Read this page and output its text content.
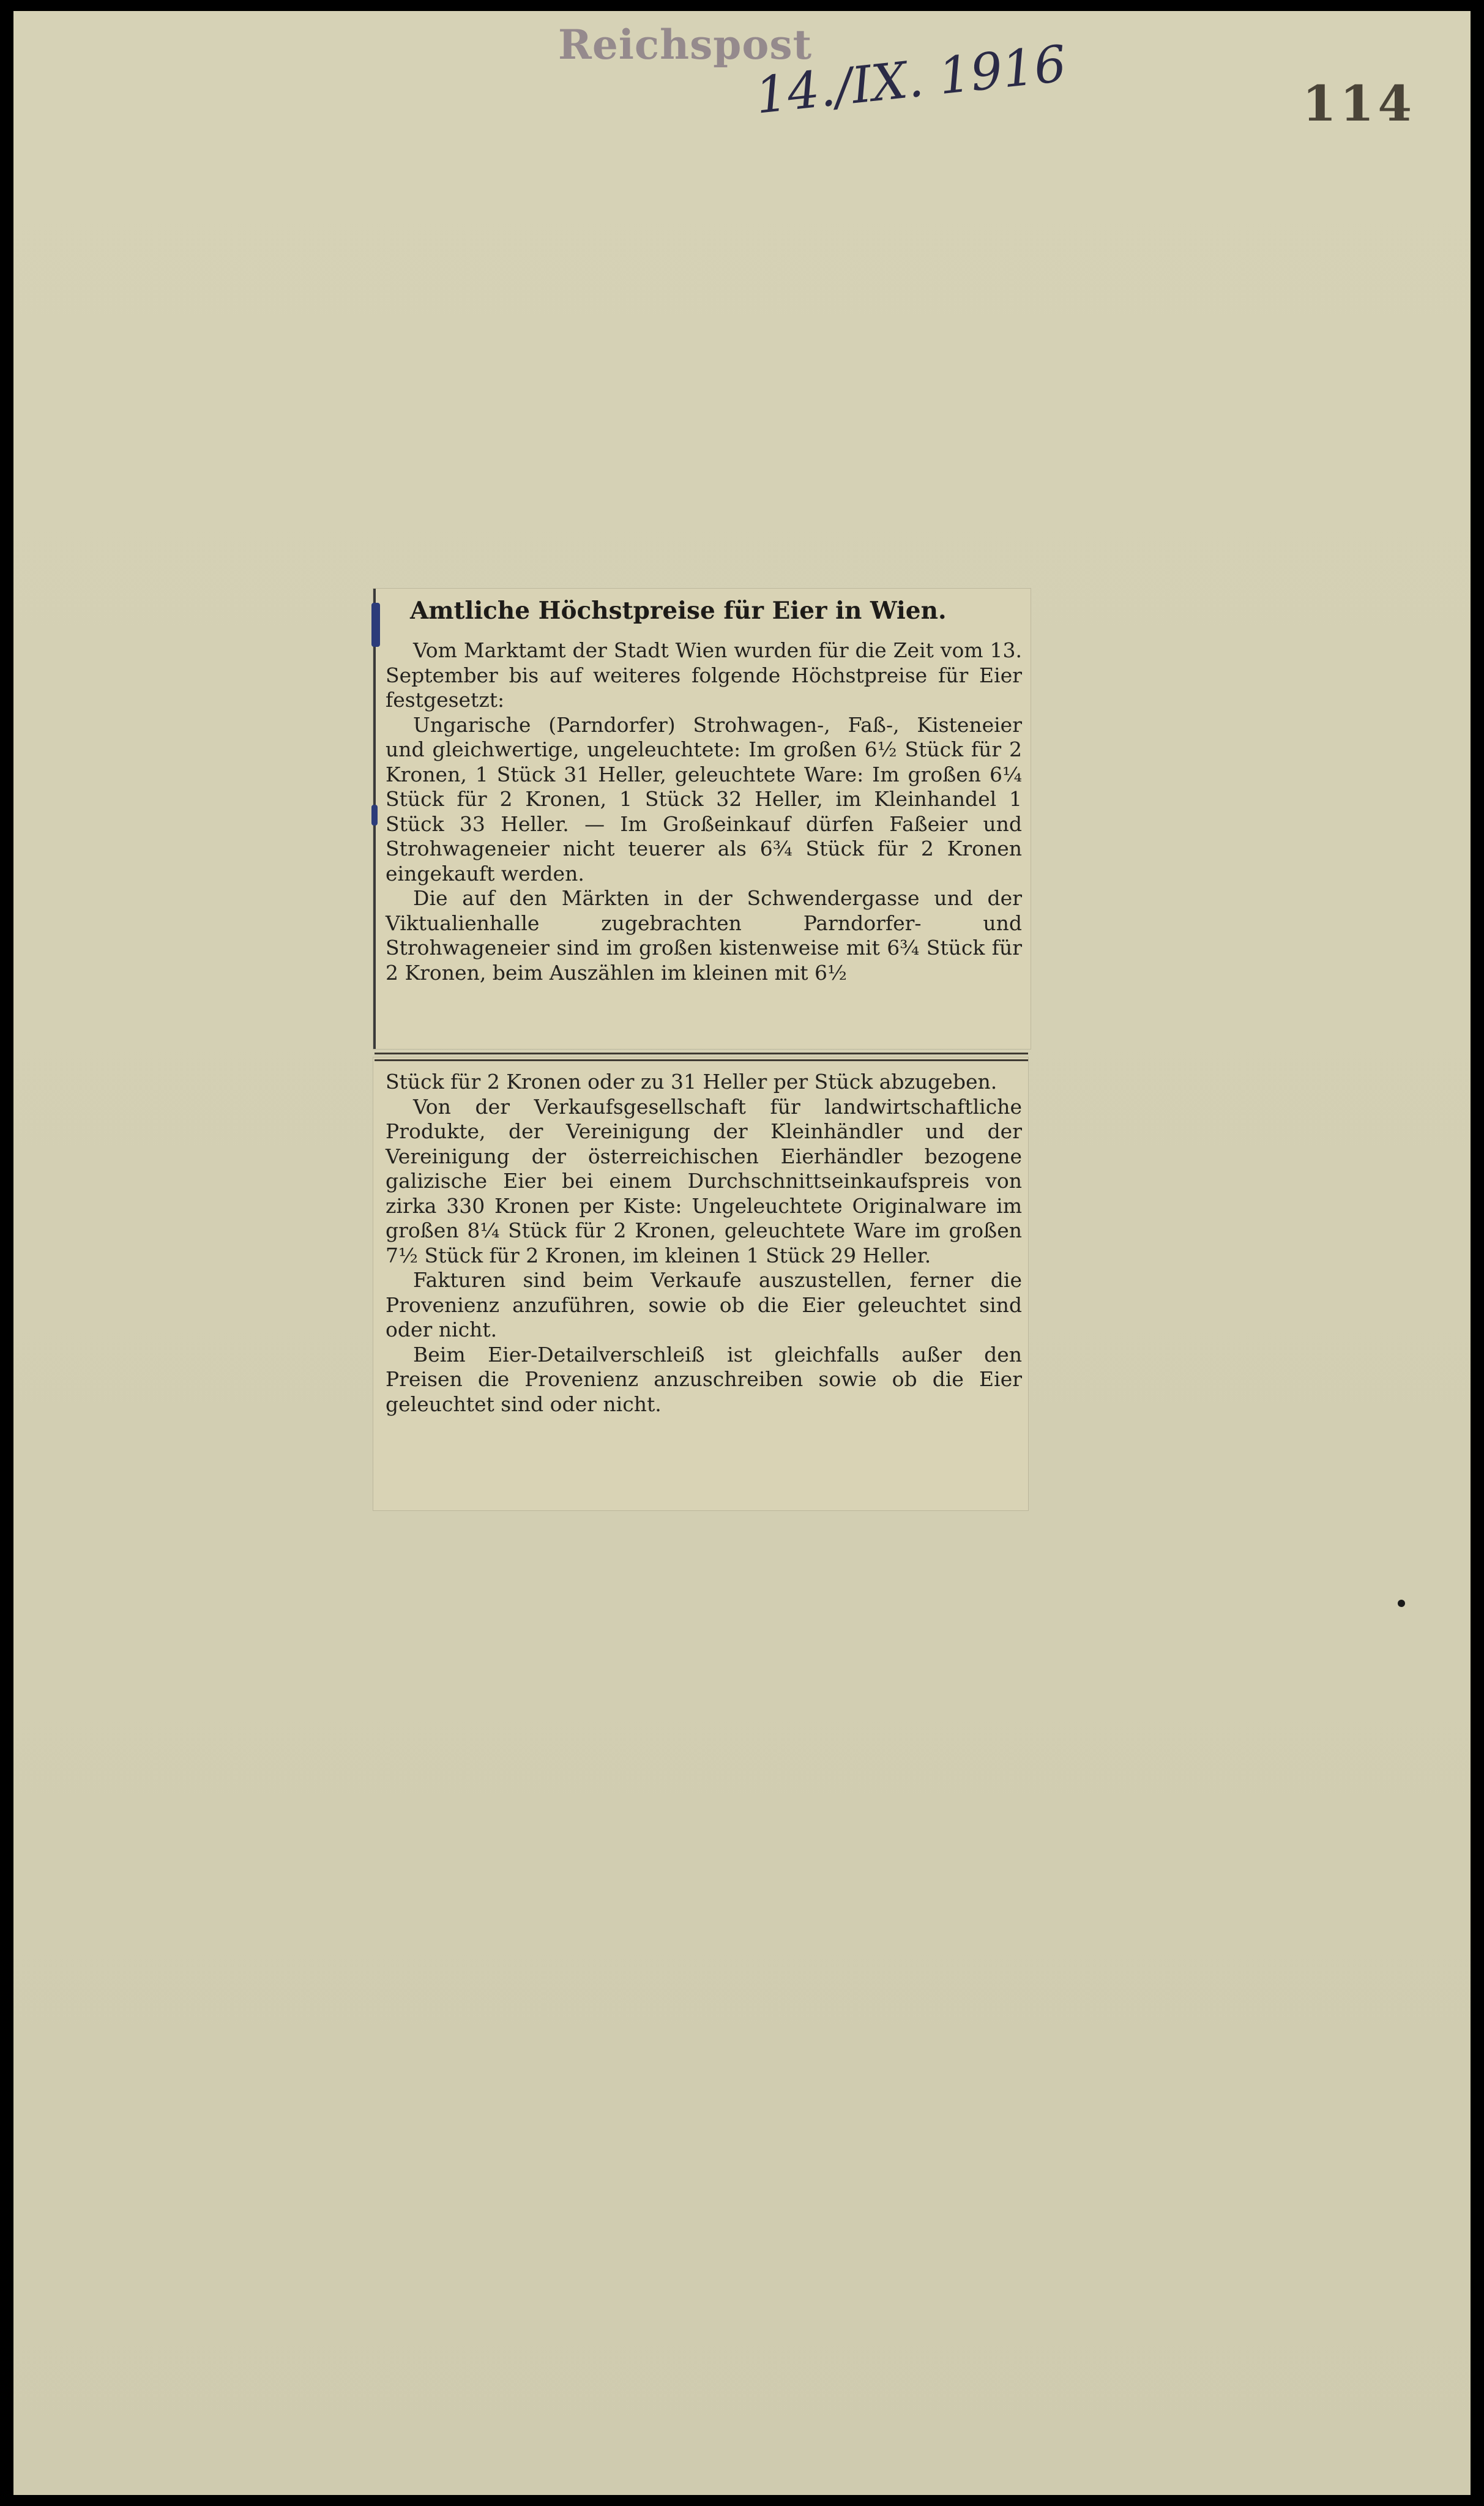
Reichspost
14./IX. 1916	114
Amtliche Höchstpreise für Eier in Wien.

Vom Marktamt der Stadt Wien wurden für die Zeit vom 13. September bis auf weiteres folgende Höchstpreise für Eier festgesetzt:

Ungarische (Parndorfer) Strohwagen-, Faß-, Kisteneier und gleichwertige, ungeleuchtete: Im großen 6½ Stück für 2 Kronen, 1 Stück 31 Heller, geleuchtete Ware: Im großen 6¼ Stück für 2 Kronen, 1 Stück 32 Heller, im Kleinhandel 1 Stück 33 Heller. — Im Großeinkauf dürfen Faßeier und Strohwageneier nicht teuerer als 6¾ Stück für 2 Kronen eingekauft werden.

Die auf den Märkten in der Schwendergasse und der Viktualienhalle zugebrachten Parndorfer- und Strohwageneier sind im großen kistenweise mit 6¾ Stück für 2 Kronen, beim Auszählen im kleinen mit 6½

Stück für 2 Kronen oder zu 31 Heller per Stück abzugeben.

Von der Verkaufsgesellschaft für landwirtschaftliche Produkte, der Vereinigung der Kleinhändler und der Vereinigung der österreichischen Eierhändler bezogene galizische Eier bei einem Durchschnittseinkaufspreis von zirka 330 Kronen per Kiste: Ungeleuchtete Originalware im großen 8¼ Stück für 2 Kronen, geleuchtete Ware im großen 7½ Stück für 2 Kronen, im kleinen 1 Stück 29 Heller.

Fakturen sind beim Verkaufe auszustellen, ferner die Provenienz anzuführen, sowie ob die Eier geleuchtet sind oder nicht.

Beim Eier-Detailverschleiß ist gleichfalls außer den Preisen die Provenienz anzuschreiben sowie ob die Eier geleuchtet sind oder nicht.
